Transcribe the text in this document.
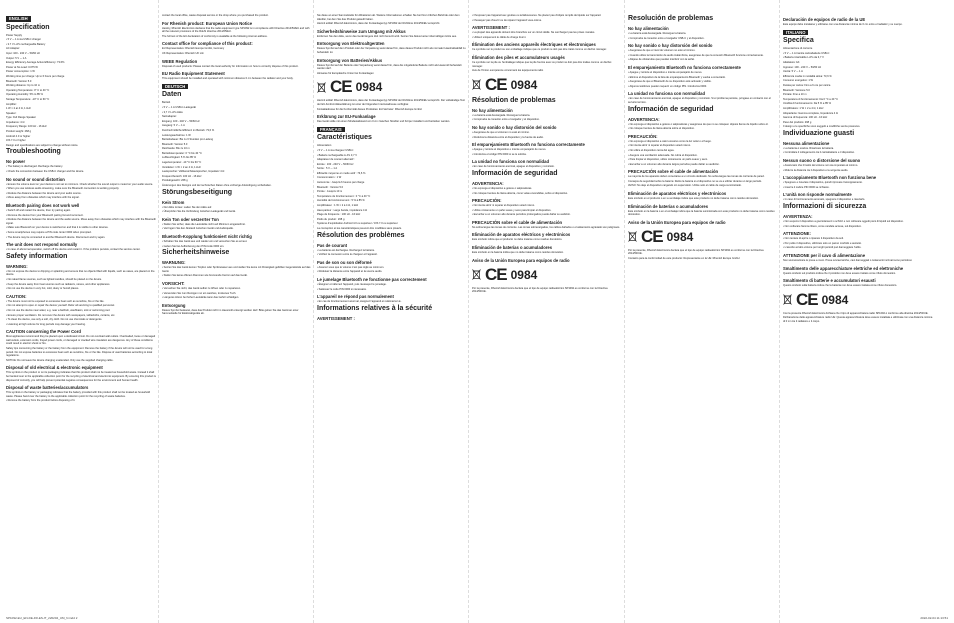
ENGLISH
Specification
Power Supply
• 5 V ⎓ 1 A via USB-C charger
• 3.7 V Li-Po rechargeable Battery
AC Adapter:
Input: 100 - 240 V ~ 50/60 Hz
Output: 5 V ⎓ 1 A
Energy Efficiency Average Active Efficiency: 73.6%
Power at No Load: 0.075 W
Power consumption: 1 W
Working time per charge: Up to 6 hours per charge
Bluetooth: Version 5.0
Working distance: Up to 10 m
Operating Temperature: 0° C to 40 °C
Operating Humidity: 5% to 85 %
Storage Temperature: -10° C to 60 °C
Amplifier:
1 W × 2 at 4 Ω, 1 kHz
Speaker:
Type: Full Range Speaker
Impedance: 4 Ω
Frequency Range: 100 Hz - 16 kHz
Product weight: 268 g
Android 4.0 or higher
iOS 7.0 or higher
Design and specifications are subject to change without notice.
Troubleshooting
No power
• The battery is discharged. Recharge the battery.
• Check the connection between the USB-C charger and the device.
No sound or sound distortion
• Ensure the volume level on your device is not set to minimum. Check whether the sound output is muted on your audio source.
• When you use wireless audio streaming, make sure the Bluetooth connection is working properly.
• Reduce the distance between the device and your audio source.
• Move away from obstacles which may interfere with the signal.
Bluetooth pairing does not work well
• Switch off and restart the device, then try pairing again.
• Remove the device from your Bluetooth pairing list and reconnect.
• Reduce the distance between the device and the audio source. Move away from obstacles which may interfere with the Bluetooth signal.
• Make sure Bluetooth on your device is switched on and that it is visible to other devices.
• Some smartphones may require a PIN code. Enter 0000 when prompted.
• The device may be connected to another Bluetooth device. Disconnect and try again.
The unit does not respond normally
• In case of abnormal operation, switch off the device and restart it. If the problem persists, contact the service center.
Safety information
WARNING:
• Do not expose the device to dripping or splashing and ensure that no objects filled with liquids, such as vases, are placed on the device.
• No naked flame sources, such as lighted candles, should be placed on the device.
• Keep the device away from heat sources such as radiators, stoves, and other appliances.
• Do not use the device in very hot, cold, dusty or humid places.
CAUTION:
• The device must not be exposed to excessive heat such as sunshine, fire or the like.
• Do not attempt to open or repair the device yourself. Refer all servicing to qualified personnel.
• Do not use the device near water, e.g. near a bathtub, washbasin, sink or swimming pool.
• Ensure proper ventilation. Do not cover the device with newspapers, tablecloths, curtains, etc.
• To clean the device, use only a soft, dry cloth. Do not use chemicals or detergents.
• Listening at high volume for long periods may damage your hearing.
CAUTION concerning the Power Cord
Most appliances recommend they be placed upon a dedicated circuit. Do not overload wall outlets. Overloaded, loose or damaged wall outlets, extension cords, frayed power cords, or damaged or cracked wire insulation are dangerous. Any of these conditions could result in electric shock or fire.
Safety tips concerning the battery or the battery from the equipment: Remove the battery if the device will not be used for a long period. Do not expose batteries to excessive heat such as sunshine, fire or the like. Dispose of used batteries according to local regulations.
NOTICE: Do not leave the device charging unattended. Only use the supplied charging cable.
Disposal of old electrical & electronic equipment
This symbol on the product or on its packaging indicates that this product shall not be treated as household waste. Instead it shall be handed over to the applicable collection point for the recycling of electrical and electronic equipment. By ensuring this product is disposed of correctly, you will help prevent potential negative consequences for the environment and human health.
Disposal of waste batteries/accumulators
This symbol on the battery or packaging indicates that the battery provided with this product shall not be treated as household waste. Please hand over the battery to the applicable collection point for the recycling of waste batteries.
• Remove the battery from the product before disposing of it.
contact the local office, waste disposal service or the shop where you purchased the product.
For Rhenish product: European Union Notice
Hereby, Rhenish Electronics declares that the radio equipment type SP1092 is in compliance with Directive 2014/53/EU and with all the relevant provisions of the RoHS directive 2011/65/EU.
The full text of the EU declaration of conformity is available at the following internet address.
Contact office for compliance of this product:
EU Representative: Rhenish Europe GmbH, Germany
UK Representative: Rhenish UK Ltd.
WEEE Regulation
Disposal of used products: Please contact the local authority for information on how to correctly dispose of this product.
EU Radio Equipment Statement
This equipment should be installed and operated with minimum distance 0 cm between the radiator and your body.
DEUTSCH
Daten
Betrieb
• 5 V ⎓ 1 A USB-C-Ladegerät
• 3,7 V Li-Po Akku
Netzadapter:
Eingang: 100 - 240 V ~ 50/60 Hz
Ausgang: 5 V ⎓ 1 A
Durchschnittliche Effizienz im Betrieb: 73,6 %
Leistungsaufnahme: 1 W
Betriebsdauer: Bis zu 6 Stunden pro Ladung
Bluetooth: Version 5.0
Reichweite: Bis zu 10 m
Betriebstemperatur: 0 °C bis 40 °C
Luftfeuchtigkeit: 5 % bis 85 %
Lagertemperatur: -10 °C bis 60 °C
Verstärker: 1 W × 2 an 4 Ω, 1 kHz
Lautsprecher: Vollbereichslautsprecher, Impedanz 4 Ω
Frequenzbereich: 100 Hz - 16 kHz
Produktgewicht: 268 g
Änderungen des Designs und der technischen Daten ohne vorherige Ankündigung vorbehalten.
Störungsbeseitigung
Kein Strom
• Der Akku ist leer. Laden Sie den Akku auf.
• Überprüfen Sie die Verbindung zwischen Ladegerät und Gerät.
Kein Ton oder verzerrter Ton
• Stellen Sie sicher, dass die Lautstärke nicht auf Minimum eingestellt ist.
• Verringern Sie den Abstand zwischen Gerät und Audioquelle.
Bluetooth-Kopplung funktioniert nicht richtig
• Schalten Sie das Gerät aus und wieder ein und versuchen Sie es erneut.
• Geben Sie bei Aufforderung den PIN-Code 0000 ein.
Sicherheitshinweise
WARNUNG:
• Setzen Sie das Gerät keinen Tropfen oder Spritzwasser aus und stellen Sie keine mit Flüssigkeit gefüllten Gegenstände auf das Gerät.
• Stellen Sie keine offenen Flammen wie brennende Kerzen auf das Gerät.
VORSICHT:
• Versuchen Sie nicht, das Gerät selbst zu öffnen oder zu reparieren.
• Verwenden Sie zum Reinigen nur ein weiches, trockenes Tuch.
• Längeres Hören bei hoher Lautstärke kann das Gehör schädigen.
Entsorgung
Dieses Symbol bedeutet, dass das Produkt nicht im Hausmüll entsorgt werden darf. Bitte geben Sie das Gerät an einer Sammelstelle für Elektroaltgeräte ab.
Sie diese an einer Sammelstelle für Altbatterien ab. Weitere Informationen erhalten Sie bei Ihrer örtlichen Behörde oder dem Händler, bei dem Sie das Produkt gekauft haben.
Hiermit erklärt Rhenish Electronics, dass der Funkanlagentyp SP1092 der Richtlinie 2014/53/EU entspricht.
Sicherheitshinweise zum Umgang mit Akkus
Entfernen Sie den Akku, wenn das Gerät längere Zeit nicht benutzt wird. Setzen Sie Akkus keiner übermäßigen Hitze aus.
Entsorgung von Elektroaltgeräten
Dieses Symbol auf dem Produkt oder der Verpackung weist darauf hin, dass dieses Produkt nicht als normaler Haushaltsabfall zu behandeln ist.
Entsorgung von Batterien/Akkus
Dieses Symbol auf der Batterie oder Verpackung weist darauf hin, dass die mitgelieferte Batterie nicht als Hausmüll behandelt werden darf.
Hinweise für Europäische Union bei Funkanlagen
CE 0984
Hiermit erklärt Rhenish Electronics, dass der Funkanlagentyp SP1092 der Richtlinie 2014/53/EU entspricht. Der vollständige Text der EU-Konformitätserklärung ist unter der folgenden Internetadresse verfügbar.
Kontaktadresse für die Konformität dieses Produktes: EU-Vertreter: Rhenish Europe GmbH
Erklärung zur EU-Funkanlage
Das Gerät sollte mit einem Mindestabstand von 0 cm zwischen Strahler und Körper installiert und betrieben werden.
FRANÇAIS
Caractéristiques
Alimentation
• 5 V ⎓ 1 A via chargeur USB-C
• Batterie rechargeable Li-Po 3,7 V
Adaptateur de courant alternatif :
Entrée : 100 - 240 V ~ 50/60 Hz
Sortie : 5 V ⎓ 1 A
Efficacité moyenne en mode actif : 73,6 %
Consommation : 1 W
Autonomie : Jusqu'à 6 heures par charge
Bluetooth : Version 5.0
Portée : Jusqu'à 10 m
Température de fonctionnement : 0 °C à 40 °C
Humidité de fonctionnement : 5 % à 85 %
Amplificateur : 1 W × 2 à 4 Ω, 1 kHz
Haut-parleur : Large bande, impédance 4 Ω
Plage de fréquence : 100 Hz - 16 kHz
Poids du produit : 268 g
Système d'exploitation Android 4.0 ou supérieur / iOS 7.0 ou supérieur
La conception et les caractéristiques peuvent être modifiées sans préavis.
Résolution des problèmes
Pas de courant
• La batterie est déchargée. Rechargez la batterie.
• Vérifiez la connexion entre le chargeur et l'appareil.
Pas de son ou son déformé
• Assurez-vous que le volume n'est pas réglé au minimum.
• Réduisez la distance entre l'appareil et la source audio.
Le jumelage Bluetooth ne fonctionne pas correctement
• Éteignez et rallumez l'appareil, puis réessayez le jumelage.
• Saisissez le code PIN 0000 si nécessaire.
L'appareil ne répond pas normalement
• En cas de fonctionnement anormal, éteignez l'appareil et redémarrez-le.
Informations relatives à la sécurité
AVERTISSEMENT :
• N'exposez pas l'appareil aux gouttes ou éclaboussures. Ne placez pas d'objets remplis de liquide sur l'appareil.
• N'essayez pas d'ouvrir ou de réparer l'appareil vous-même.
AVERTISSEMENT :
• La plupart des appareils doivent être branchés sur un circuit dédié. Ne surchargez pas les prises murales.
• Utilisez uniquement le câble de charge fourni.
Élimination des anciens appareils électriques et électroniques
Ce symbole sur le produit ou son emballage indique que ce produit ne doit pas être traité comme un déchet ménager.
Élimination des piles et accumulateurs usagés
Ce symbole sur la pile ou l'emballage indique que la pile fournie avec ce produit ne doit pas être traitée comme un déchet ménager.
Avis de l'Union européenne concernant les équipements radio
CE 0984
Résolution de problemas
No hay alimentación
• La batería está descargada. Recargue la batería.
• Compruebe la conexión entre el cargador y el dispositivo.
No hay sonido o hay distorsión del sonido
• Asegúrese de que el volumen no esté al mínimo.
• Reduzca la distancia entre el dispositivo y la fuente de audio.
El emparejamiento Bluetooth no funciona correctamente
• Apague y reinicie el dispositivo e intente emparejarlo de nuevo.
• Introduzca el código PIN 0000 si se le solicita.
La unidad no funciona con normalidad
• En caso de funcionamiento anormal, apague el dispositivo y reinícielo.
Información de seguridad
ADVERTENCIA:
• No exponga el dispositivo a goteos o salpicaduras.
• No coloque fuentes de llama abierta, como velas encendidas, sobre el dispositivo.
PRECAUCIÓN:
• No intente abrir ni reparar el dispositivo usted mismo.
• Utilice únicamente un paño suave y seco para limpiar el dispositivo.
• Escuchar a un volumen alto durante períodos prolongados puede dañar su audición.
PRECAUCIÓN sobre el cable de alimentación
No sobrecargue las tomas de corriente. Las tomas sobrecargadas, los cables dañados o el aislamiento agrietado son peligrosos.
Eliminación de aparatos eléctricos y electrónicos
Este símbolo indica que el producto no debe tratarse como residuo doméstico.
Eliminación de baterías o acumuladores
Este símbolo en la batería indica que no debe tratarse como residuo doméstico.
Aviso de la Unión Europea para equipos de radio
CE 0984
Por la presente, Rhenish Electronics declara que el tipo de equipo radioeléctrico SP1092 es conforme con la Directiva 2014/53/UE.
Resolución de problemas
No hay alimentación
• La batería está descargada. Recargue la batería.
• Compruebe la conexión entre el cargador USB-C y el dispositivo.
No hay sonido o hay distorsión del sonido
• Asegúrese de que el nivel de volumen no esté al mínimo.
• Cuando utilice la transmisión de audio inalámbrica, asegúrese de que la conexión Bluetooth funcione correctamente.
• Aléjese de obstáculos que puedan interferir con la señal.
El emparejamiento Bluetooth no funciona correctamente
• Apague y reinicie el dispositivo e intente emparejarlo de nuevo.
• Elimine el dispositivo de la lista de emparejamiento Bluetooth y vuelva a conectarlo.
• Asegúrese de que el Bluetooth de su dispositivo esté activado y visible.
• Algunos teléfonos pueden requerir un código PIN. Introduzca 0000.
La unidad no funciona con normalidad
• En caso de funcionamiento anormal, apague el dispositivo y reinícielo. Si el problema persiste, póngase en contacto con el servicio técnico.
Información de seguridad
ADVERTENCIA:
• No exponga el dispositivo a goteos o salpicaduras y asegúrese de que no se coloquen objetos llenos de líquido sobre él.
• No coloque fuentes de llama abierta sobre el dispositivo.
PRECAUCIÓN:
• No exponga el dispositivo a calor excesivo como la luz solar o el fuego.
• No intente abrir ni reparar el dispositivo usted mismo.
• No utilice el dispositivo cerca del agua.
• Asegure una ventilación adecuada. No cubra el dispositivo.
• Para limpiar el dispositivo, utilice únicamente un paño suave y seco.
• Escuchar a un volumen alto durante largos períodos puede dañar su audición.
PRECAUCIÓN sobre el cable de alimentación
La mayoría de los aparatos deben conectarse a un circuito dedicado. No sobrecargue las tomas de corriente de pared.
Consejos de seguridad sobre la batería: Retire la batería si el dispositivo no se va a utilizar durante un largo periodo.
AVISO: No deje el dispositivo cargando sin supervisión. Utilice solo el cable de carga suministrado.
Eliminación de aparatos eléctricos y electrónicos
Este símbolo en el producto o en su embalaje indica que este producto no debe tratarse como residuo doméstico.
Eliminación de baterías o acumuladores
Este símbolo en la batería o en el embalaje indica que la batería suministrada con este producto no debe tratarse como residuo doméstico.
Aviso de la Unión Europea para equipos de radio
CE 0984
Por la presente, Rhenish Electronics declara que el tipo de equipo radioeléctrico SP1092 es conforme con la Directiva 2014/53/UE.
Contacto para la conformidad de este producto: Representante en la UE: Rhenish Europe GmbH
Declaración de equipos de radio de la UE
Este equipo debe instalarse y utilizarse con una distancia mínima de 0 cm entre el radiador y su cuerpo.
ITALIANO
Specifica
Alimentazione di corrente
• 5 V ⎓ 1 A tramite caricabatterie USB-C
• Batteria ricaricabile Li-Po da 3,7 V
Adattatore CA:
Ingresso: 100 - 240 V ~ 50/60 Hz
Uscita: 5 V ⎓ 1 A
Efficienza media in modalità attiva: 73,6 %
Consumo energetico: 1 W
Durata per carica: Fino a 6 ore per carica
Bluetooth: Versione 5.0
Portata: Fino a 10 m
Temperatura di funzionamento: Da 0 °C a 40 °C
Umidità di funzionamento: Da 5 % a 85 %
Amplificatore: 1 W × 2 a 4 Ω, 1 kHz
Altoparlante: Gamma completa, Impedenza 4 Ω
Gamma di frequenza: 100 Hz - 16 kHz
Peso del prodotto: 268 g
Il design e le specifiche sono soggetti a modifiche senza preavviso.
Individuazione guasti
Nessuna alimentazione
• La batteria è scarica. Ricaricare la batteria.
• Controllare il collegamento tra il caricabatterie e il dispositivo.
Nessun suono o distorsione del suono
• Assicurarsi che il livello del volume non sia impostato al minimo.
• Ridurre la distanza tra il dispositivo e la sorgente audio.
L'accoppiamento Bluetooth non funziona bene
• Spegnere e riavviare il dispositivo, quindi riprovare l'accoppiamento.
• Inserire il codice PIN 0000 se richiesto.
L'unità non risponde normalmente
• In caso di funzionamento anomalo, spegnere il dispositivo e riavviarlo.
Informazioni di sicurezza
AVVERTENZA:
• Non esporre il dispositivo a gocciolamenti o schizzi e non collocare oggetti pieni di liquidi sul dispositivo.
• Non collocare fiamme libere, come candele accese, sul dispositivo.
ATTENZIONE:
• Non tentare di aprire o riparare il dispositivo da soli.
• Per pulire il dispositivo, utilizzare solo un panno morbido e asciutto.
• L'ascolto ad alto volume per lunghi periodi può danneggiare l'udito.
ATTENZIONE per il cavo di alimentazione
Non sovraccaricare le prese a muro. Prese sovraccariche, cavi danneggiati o isolamenti incrinati sono pericolosi.
Smaltimento delle apparecchiature elettriche ed elettroniche
Questo simbolo sul prodotto indica che il prodotto non deve essere trattato come rifiuto domestico.
Smaltimento di batterie e accumulatori esausti
Questo simbolo sulla batteria indica che la batteria non deve essere trattata come rifiuto domestico.
CE 0984
Con la presente Rhenish Electronics dichiara che il tipo di apparecchiatura radio SP1092 è conforme alla direttiva 2014/53/UE.
Dichiarazione delle apparecchiature radio UE: Questa apparecchiatura deve essere installata e utilizzata con una distanza minima di 0 cm tra il radiatore e il corpo.
SP1092-EU_EN-DE-FR-ES-IT_220204_UM_N.indd 2	2022-02-04 11:13:51
